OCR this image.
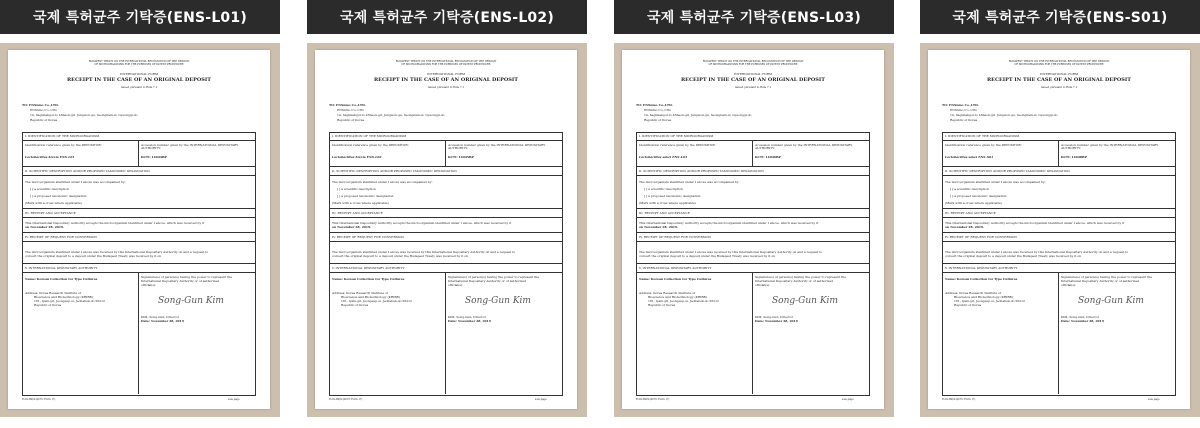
국제 특허균주 기탁증(ENS-L01)
BUDAPEST TREATY ON THE INTERNATIONAL RECOGNITION OF THE DEPOSIT
OF MICROORGANISMS FOR THE PURPOSES OF PATENT PROCEDURE
INTERNATIONAL FORM
RECEIPT IN THE CASE OF AN ORIGINAL DEPOSIT
issued pursuant to Rule 7.1
TO: ENSnmo Co.,LTD.
ENSnmo Co.,LTD.
14, Sagimakgol-ro 45beon-gil, Jungwon-gu, Seongnam-si, Gyeonggi-do
Republic of Korea
I. IDENTIFICATION OF THE MICROORGANISM
Identification reference given by the DEPOSITOR:
Lactobacillus brevis ENS-L01
Accession number given by the INTERNATIONAL DEPOSITARY AUTHORITY:
KCTC 14044BP
II. SCIENTIFIC DESCRIPTION AND/OR PROPOSED TAXONOMIC DESIGNATION
The microorganism identified under I above was accompanied by:
[ ] a scientific description
[ ] a proposed taxonomic designation
(Mark with a cross where applicable)
III. RECEIPT AND ACCEPTANCE
This International Depositary Authority accepts the microorganism identified under I above, which was received by it
on November 28, 2019.
IV. RECEIPT OF REQUEST FOR CONVERSION
The microorganism identified under I above was received by this International Depositary Authority on and a request to
convert the original deposit to a deposit under the Budapest Treaty was received by it on
V. INTERNATIONAL DEPOSITARY AUTHORITY
Name: Korean Collection for Type Cultures
Address: Korea Research Institute of
Bioscience and Biotechnology (KRIBB)
181, Ipsin-gil, Jeongeup-si, Jeollabuk-do 56212
Republic of Korea
Signature(s) of person(s) having the power to represent the
International Depositary Authority or of authorized
official(s):
Song-Gun Kim
KIM, Song-Gun, Director
Date: November 28, 2019
Form BP/4 (KCTC Form 17)	sole page
국제 특허균주 기탁증(ENS-L02)
BUDAPEST TREATY ON THE INTERNATIONAL RECOGNITION OF THE DEPOSIT
OF MICROORGANISMS FOR THE PURPOSES OF PATENT PROCEDURE
INTERNATIONAL FORM
RECEIPT IN THE CASE OF AN ORIGINAL DEPOSIT
issued pursuant to Rule 7.1
TO: ENSnmo Co.,LTD.
ENSnmo Co.,LTD.
14, Sagimakgol-ro 45beon-gil, Jungwon-gu, Seongnam-si, Gyeonggi-do
Republic of Korea
I. IDENTIFICATION OF THE MICROORGANISM
Identification reference given by the DEPOSITOR:
Lactobacillus brevis ENS-L02
Accession number given by the INTERNATIONAL DEPOSITARY AUTHORITY:
KCTC 14045BP
II. SCIENTIFIC DESCRIPTION AND/OR PROPOSED TAXONOMIC DESIGNATION
The microorganism identified under I above was accompanied by:
[ ] a scientific description
[ ] a proposed taxonomic designation
(Mark with a cross where applicable)
III. RECEIPT AND ACCEPTANCE
This International Depositary Authority accepts the microorganism identified under I above, which was received by it
on November 28, 2019.
IV. RECEIPT OF REQUEST FOR CONVERSION
The microorganism identified under I above was received by this International Depositary Authority on and a request to
convert the original deposit to a deposit under the Budapest Treaty was received by it on
V. INTERNATIONAL DEPOSITARY AUTHORITY
Name: Korean Collection for Type Cultures
Address: Korea Research Institute of
Bioscience and Biotechnology (KRIBB)
181, Ipsin-gil, Jeongeup-si, Jeollabuk-do 56212
Republic of Korea
Signature(s) of person(s) having the power to represent the
International Depositary Authority or of authorized
official(s):
Song-Gun Kim
KIM, Song-Gun, Director
Date: November 28, 2019
Form BP/4 (KCTC Form 17)	sole page
국제 특허균주 기탁증(ENS-L03)
BUDAPEST TREATY ON THE INTERNATIONAL RECOGNITION OF THE DEPOSIT
OF MICROORGANISMS FOR THE PURPOSES OF PATENT PROCEDURE
INTERNATIONAL FORM
RECEIPT IN THE CASE OF AN ORIGINAL DEPOSIT
issued pursuant to Rule 7.1
TO: ENSnmo Co.,LTD.
ENSnmo Co.,LTD.
14, Sagimakgol-ro 45beon-gil, Jungwon-gu, Seongnam-si, Gyeonggi-do
Republic of Korea
I. IDENTIFICATION OF THE MICROORGANISM
Identification reference given by the DEPOSITOR:
Lactobacillus sakei ENS-L03
Accession number given by the INTERNATIONAL DEPOSITARY AUTHORITY:
KCTC 14046BP
II. SCIENTIFIC DESCRIPTION AND/OR PROPOSED TAXONOMIC DESIGNATION
The microorganism identified under I above was accompanied by:
[ ] a scientific description
[ ] a proposed taxonomic designation
(Mark with a cross where applicable)
III. RECEIPT AND ACCEPTANCE
This International Depositary Authority accepts the microorganism identified under I above, which was received by it
on November 28, 2019.
IV. RECEIPT OF REQUEST FOR CONVERSION
The microorganism identified under I above was received by this International Depositary Authority on and a request to
convert the original deposit to a deposit under the Budapest Treaty was received by it on
V. INTERNATIONAL DEPOSITARY AUTHORITY
Name: Korean Collection for Type Cultures
Address: Korea Research Institute of
Bioscience and Biotechnology (KRIBB)
181, Ipsin-gil, Jeongeup-si, Jeollabuk-do 56212
Republic of Korea
Signature(s) of person(s) having the power to represent the
International Depositary Authority or of authorized
official(s):
Song-Gun Kim
KIM, Song-Gun, Director
Date: November 28, 2019
Form BP/4 (KCTC Form 17)	sole page
국제 특허균주 기탁증(ENS-S01)
BUDAPEST TREATY ON THE INTERNATIONAL RECOGNITION OF THE DEPOSIT
OF MICROORGANISMS FOR THE PURPOSES OF PATENT PROCEDURE
INTERNATIONAL FORM
RECEIPT IN THE CASE OF AN ORIGINAL DEPOSIT
issued pursuant to Rule 7.1
TO: ENSnmo Co.,LTD.
ENSnmo Co.,LTD.
14, Sagimakgol-ro 45beon-gil, Jungwon-gu, Seongnam-si, Gyeonggi-do
Republic of Korea
I. IDENTIFICATION OF THE MICROORGANISM
Identification reference given by the DEPOSITOR:
Lactobacillus sakei ENS-S01
Accession number given by the INTERNATIONAL DEPOSITARY AUTHORITY:
KCTC 14048BP
II. SCIENTIFIC DESCRIPTION AND/OR PROPOSED TAXONOMIC DESIGNATION
The microorganism identified under I above was accompanied by:
[ ] a scientific description
[ ] a proposed taxonomic designation
(Mark with a cross where applicable)
III. RECEIPT AND ACCEPTANCE
This International Depositary Authority accepts the microorganism identified under I above, which was received by it
on November 28, 2019.
IV. RECEIPT OF REQUEST FOR CONVERSION
The microorganism identified under I above was received by this International Depositary Authority on and a request to
convert the original deposit to a deposit under the Budapest Treaty was received by it on
V. INTERNATIONAL DEPOSITARY AUTHORITY
Name: Korean Collection for Type Cultures
Address: Korea Research Institute of
Bioscience and Biotechnology (KRIBB)
181, Ipsin-gil, Jeongeup-si, Jeollabuk-do 56212
Republic of Korea
Signature(s) of person(s) having the power to represent the
International Depositary Authority or of authorized
official(s):
Song-Gun Kim
KIM, Song-Gun, Director
Date: November 28, 2019
Form BP/4 (KCTC Form 17)	sole page
